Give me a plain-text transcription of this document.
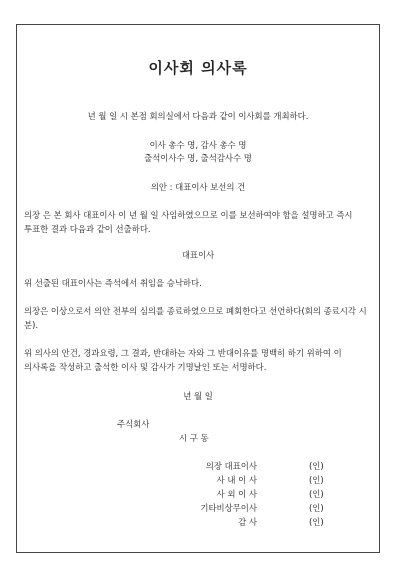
이사회 의사록
년 월 일 시 본점 회의실에서 다음과 같이 이사회를 개최하다.
이사 총수 명, 감사 총수 명
출석이사수 명, 출석감사수 명
의안 : 대표이사 보선의 건
의장 은 본 회사 대표이사 이 년 월 일 사임하였으므로 이를 보선하여야 함을 설명하고 즉시 투표한 결과 다음과 같이 선출하다.
대표이사
위 선출된 대표이사는 즉석에서 취임을 승낙하다.
의장은 이상으로서 의안 전부의 심의를 종료하였으므로 폐회한다고 선언하다(회의 종료시각 시 분).
위 의사의 안건, 경과요령, 그 결과, 반대하는 자와 그 반대이유를 명백히 하기 위하여 이 의사록을 작성하고 출석한 이사 및 감사가 기명날인 또는 서명하다.
년 월 일
주식회사
시 구 동
의장 대표이사	(인)
사 내 이 사	(인)
사 외 이 사	(인)
기타비상무이사	(인)
감 사	(인)
